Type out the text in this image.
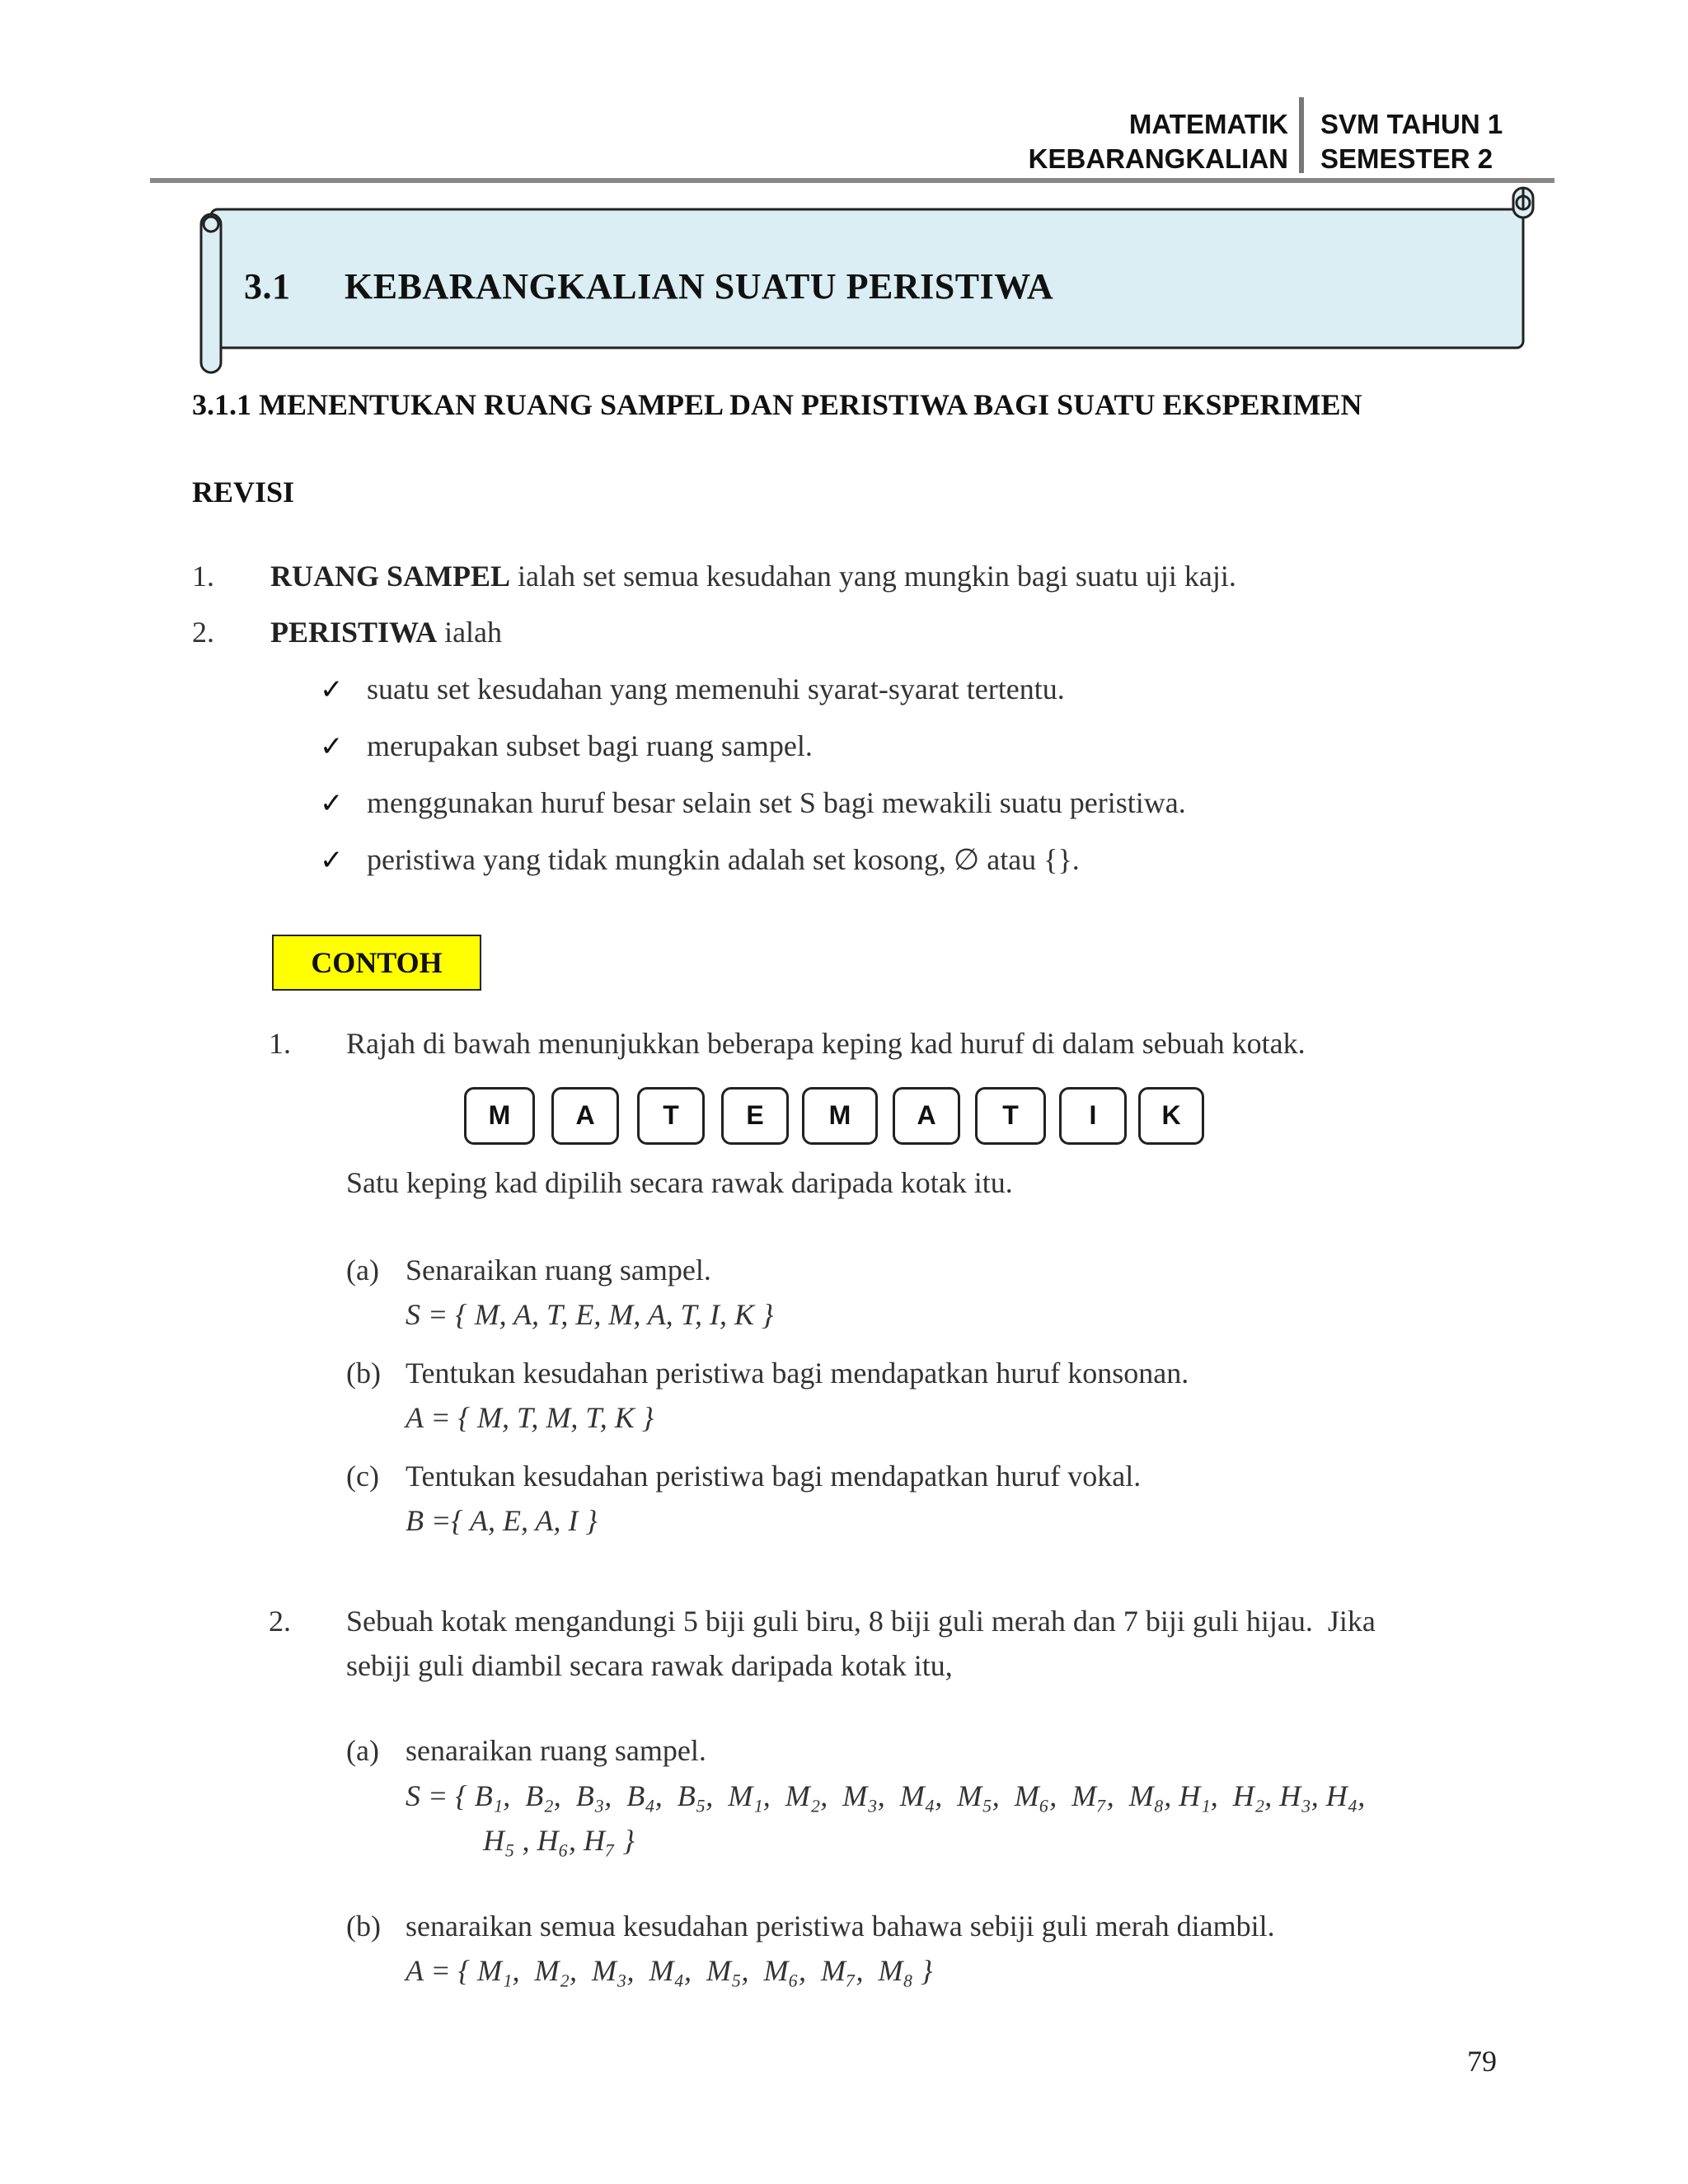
MATEMATIK
KEBARANGKALIAN
SVM TAHUN 1
SEMESTER 2
3.1 KEBARANGKALIAN SUATU PERISTIWA
3.1.1 MENENTUKAN RUANG SAMPEL DAN PERISTIWA BAGI SUATU EKSPERIMEN
REVISI
1. RUANG SAMPEL ialah set semua kesudahan yang mungkin bagi suatu uji kaji.
2. PERISTIWA ialah
✓ suatu set kesudahan yang memenuhi syarat-syarat tertentu.
✓ merupakan subset bagi ruang sampel.
✓ menggunakan huruf besar selain set S bagi mewakili suatu peristiwa.
✓ peristiwa yang tidak mungkin adalah set kosong, ∅ atau {}.
CONTOH
1. Rajah di bawah menunjukkan beberapa keping kad huruf di dalam sebuah kotak.
M	A	T	E	M	A	T	I	K
Satu keping kad dipilih secara rawak daripada kotak itu.
(a) Senaraikan ruang sampel.
S = { M, A, T, E, M, A, T, I, K }
(b) Tentukan kesudahan peristiwa bagi mendapatkan huruf konsonan.
A = { M, T, M, T, K }
(c) Tentukan kesudahan peristiwa bagi mendapatkan huruf vokal.
B ={ A, E, A, I }
2. Sebuah kotak mengandungi 5 biji guli biru, 8 biji guli merah dan 7 biji guli hijau.  Jika
sebiji guli diambil secara rawak daripada kotak itu,
(a) senaraikan ruang sampel.
S = { B₁,  B₂,  B₃,  B₄,  B₅,  M₁,  M₂,  M₃,  M₄,  M₅,  M₆,  M₇,  M₈, H₁,  H₂, H₃, H₄,
H₅ , H₆, H₇ }
(b) senaraikan semua kesudahan peristiwa bahawa sebiji guli merah diambil.
A = { M₁,  M₂,  M₃,  M₄,  M₅,  M₆,  M₇,  M₈ }
79
